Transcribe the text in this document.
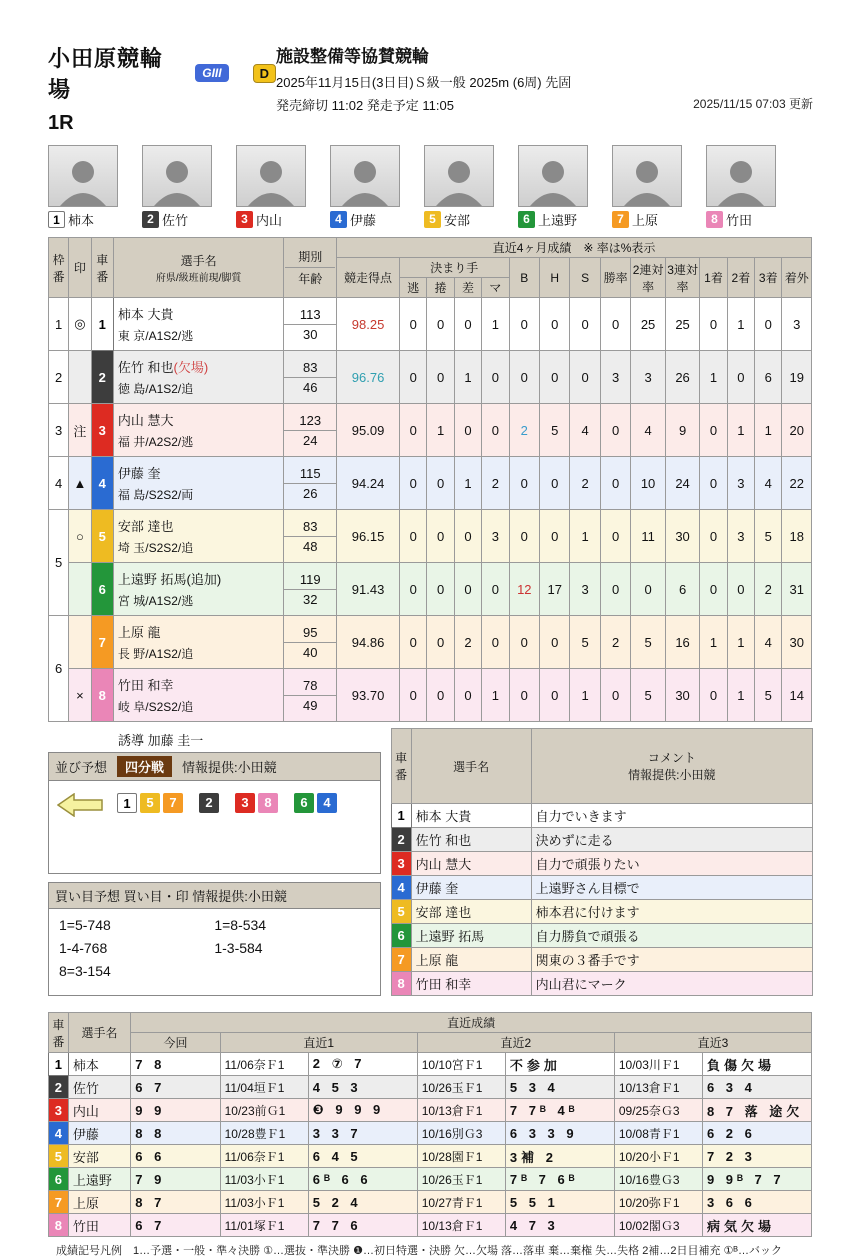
小田原競輪場
GIII	D
1R
施設整備等協賛競輪
2025年11月15日(3日目)Ｓ級一般 2025m (6周) 先固
発売締切 11:02 発走予定 11:05	2025/11/15 07:03 更新
1 柿本	2 佐竹	3 内山	4 伊藤	5 安部	6 上遠野	7 上原	8 竹田
枠番	印	車番	
選手名
府県/級班前現/脚質

期別
年齢
	直近4ヶ月成績　※ 率は%表示
					競走得点	決まり手				B	H	S	勝率	2連対率	3連対率	1着	2着	3着	着外
						逃	捲	差	マ										
1	◎	1	
柿本 大貴
東 京/A1S2/逃

113
30
	98.25	0	0	0	1	0	0	0	0	25	25	0	1	0	3
2		2	
佐竹 和也(欠場)
徳 島/A1S2/追

83
46
	96.76	0	0	1	0	0	0	0	3	3	26	1	0	6	19
3	注	3	
内山 慧大
福 井/A2S2/逃

123
24
	95.09	0	1	0	0	2	5	4	0	4	9	0	1	1	20
4	▲	4	
伊藤 奎
福 島/S2S2/両

115
26
	94.24	0	0	1	2	0	0	2	0	10	24	0	3	4	22
5	○	5	
安部 達也
埼 玉/S2S2/追

83
48
	96.15	0	0	0	3	0	0	1	0	11	30	0	3	5	18
	6	
上遠野 拓馬(追加)
宮 城/A1S2/逃

119
32
	91.43	0	0	0	0	12	17	3	0	0	6	0	0	2	31
6		7	
上原 龍
長 野/A1S2/追

95
40
	94.86	0	0	2	0	0	0	5	2	5	16	1	1	4	30
×	8	
竹田 和幸
岐 阜/S2S2/追

78
49
	93.70	0	0	0	1	0	0	1	0	5	30	0	1	5	14
誘導 加藤 圭一
並び予想	四分戦	情報提供:小田競
1	5	7	2	3	8	6	4
買い目予想 買い目・印 情報提供:小田競
1=5-748
1-4-768
8=3-154
1=8-534
1-3-584
車番	選手名	コメント
情報提供:小田競

1	柿本 大貴	自力でいきます
2	佐竹 和也	決めずに走る
3	内山 慧大	自力で頑張りたい
4	伊藤 奎	上遠野さん目標で
5	安部 達也	柿本君に付けます
6	上遠野 拓馬	自力勝負で頑張る
7	上原 龍	関東の３番手です
8	竹田 和幸	内山君にマーク
車番	選手名	直近成績						
		今回	直近1		直近2		直近3	
1	柿本	7 8	11/06奈Ｆ1	2 ⑦ 7	10/10宮Ｆ1	不参加	10/03川Ｆ1	負傷欠場
2	佐竹	6 7	11/04垣Ｆ1	4 5 3	10/26玉Ｆ1	5 3 4	10/13倉Ｆ1	6 3 4
3	内山	9 9	10/23前Ｇ1	❸ 9 9 9	10/13倉Ｆ1	7 7ᴮ 4ᴮ	09/25奈Ｇ3	8 7 落 途欠
4	伊藤	8 8	10/28豊Ｆ1	3 3 7	10/16別Ｇ3	6 3 3 9	10/08青Ｆ1	6 2 6
5	安部	6 6	11/06奈Ｆ1	6 4 5	10/28園Ｆ1	3補 2	10/20小Ｆ1	7 2 3
6	上遠野	7 9	11/03小Ｆ1	6ᴮ 6 6	10/26玉Ｆ1	7ᴮ 7 6ᴮ	10/16豊Ｇ3	9 9ᴮ 7 7
7	上原	8 7	11/03小Ｆ1	5 2 4	10/27青Ｆ1	5 5 1	10/20弥Ｆ1	3 6 6
8	竹田	6 7	11/01塚Ｆ1	7 7 6	10/13倉Ｆ1	4 7 3	10/02閣Ｇ3	病気欠場
成績記号凡例　1…予選・一般・準々決勝 ①…選抜・準決勝 ❶…初日特選・決勝 欠…欠場 落…落車 棄…棄権 失…失格 2補…2日目補充 ①ᴮ…バック
